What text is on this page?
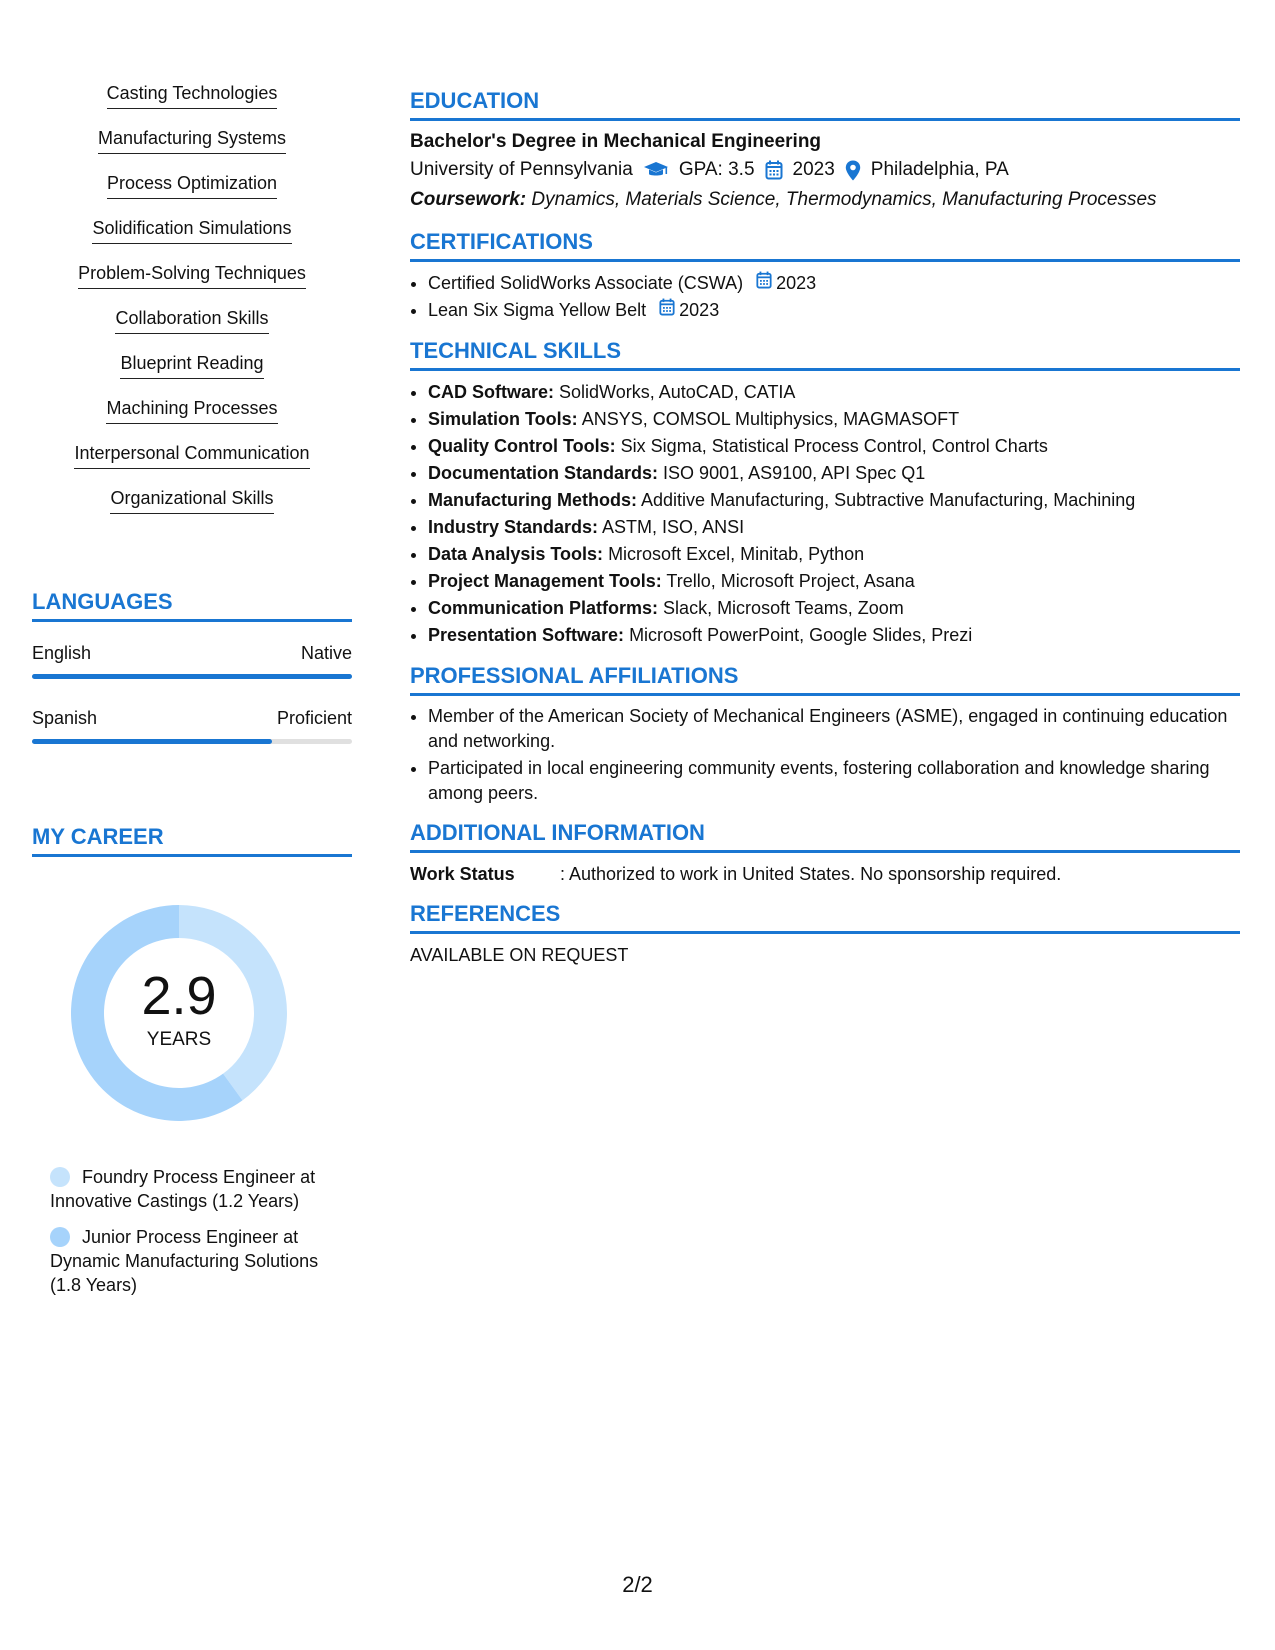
Casting Technologies
Manufacturing Systems
Process Optimization
Solidification Simulations
Problem-Solving Techniques
Collaboration Skills
Blueprint Reading
Machining Processes
Interpersonal Communication
Organizational Skills
LANGUAGES
English	Native
Spanish	Proficient
MY CAREER
2.9
YEARS
Foundry Process Engineer at Innovative Castings (1.2 Years)
Junior Process Engineer at Dynamic Manufacturing Solutions (1.8 Years)
EDUCATION
Bachelor's Degree in Mechanical Engineering
University of Pennsylvania GPA: 3.5 2023 Philadelphia, PA
Coursework: Dynamics, Materials Science, Thermodynamics, Manufacturing Processes
CERTIFICATIONS
• Certified SolidWorks Associate (CSWA) 2023
• Lean Six Sigma Yellow Belt 2023
TECHNICAL SKILLS
• CAD Software: SolidWorks, AutoCAD, CATIA
• Simulation Tools: ANSYS, COMSOL Multiphysics, MAGMASOFT
• Quality Control Tools: Six Sigma, Statistical Process Control, Control Charts
• Documentation Standards: ISO 9001, AS9100, API Spec Q1
• Manufacturing Methods: Additive Manufacturing, Subtractive Manufacturing, Machining
• Industry Standards: ASTM, ISO, ANSI
• Data Analysis Tools: Microsoft Excel, Minitab, Python
• Project Management Tools: Trello, Microsoft Project, Asana
• Communication Platforms: Slack, Microsoft Teams, Zoom
• Presentation Software: Microsoft PowerPoint, Google Slides, Prezi
PROFESSIONAL AFFILIATIONS
• Member of the American Society of Mechanical Engineers (ASME), engaged in continuing education and networking.
• Participated in local engineering community events, fostering collaboration and knowledge sharing among peers.
ADDITIONAL INFORMATION
Work Status	: Authorized to work in United States. No sponsorship required.
REFERENCES
AVAILABLE ON REQUEST
2/2
